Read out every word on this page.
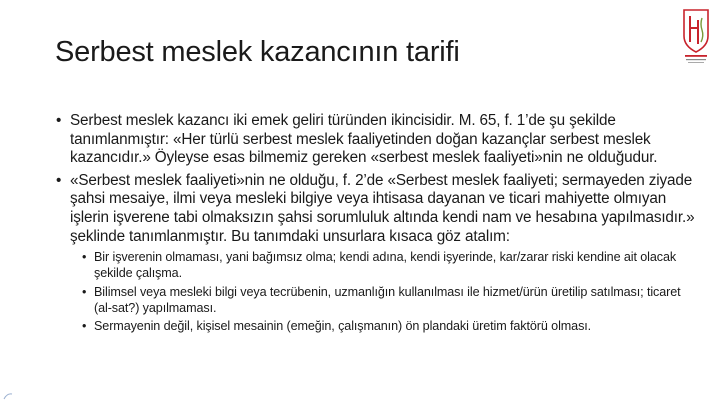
Serbest meslek kazancının tarifi
• Serbest meslek kazancı iki emek geliri türünden ikincisidir. M. 65, f. 1’de şu şekilde tanımlanmıştır: «Her türlü serbest meslek faaliyetinden doğan kazançlar serbest meslek kazancıdır.» Öyleyse esas bilmemiz gereken «serbest meslek faaliyeti»nin ne olduğudur.
• «Serbest meslek faaliyeti»nin ne olduğu, f. 2’de «Serbest meslek faaliyeti; sermayeden ziyade şahsi mesaiye, ilmi veya mesleki bilgiye veya ihtisasa dayanan ve ticari mahiyette olmıyan işlerin işverene tabi olmaksızın şahsi sorumluluk altında kendi nam ve hesabına yapılmasıdır.» şeklinde tanımlanmıştır. Bu tanımdaki unsurlara kısaca göz atalım:
• Bir işverenin olmaması, yani bağımsız olma; kendi adına, kendi işyerinde, kar/zarar riski kendine ait olacak şekilde çalışma.
• Bilimsel veya mesleki bilgi veya tecrübenin, uzmanlığın kullanılması ile hizmet/ürün üretilip satılması; ticaret (al-sat?) yapılmaması.
• Sermayenin değil, kişisel mesainin (emeğin, çalışmanın) ön plandaki üretim faktörü olması.
